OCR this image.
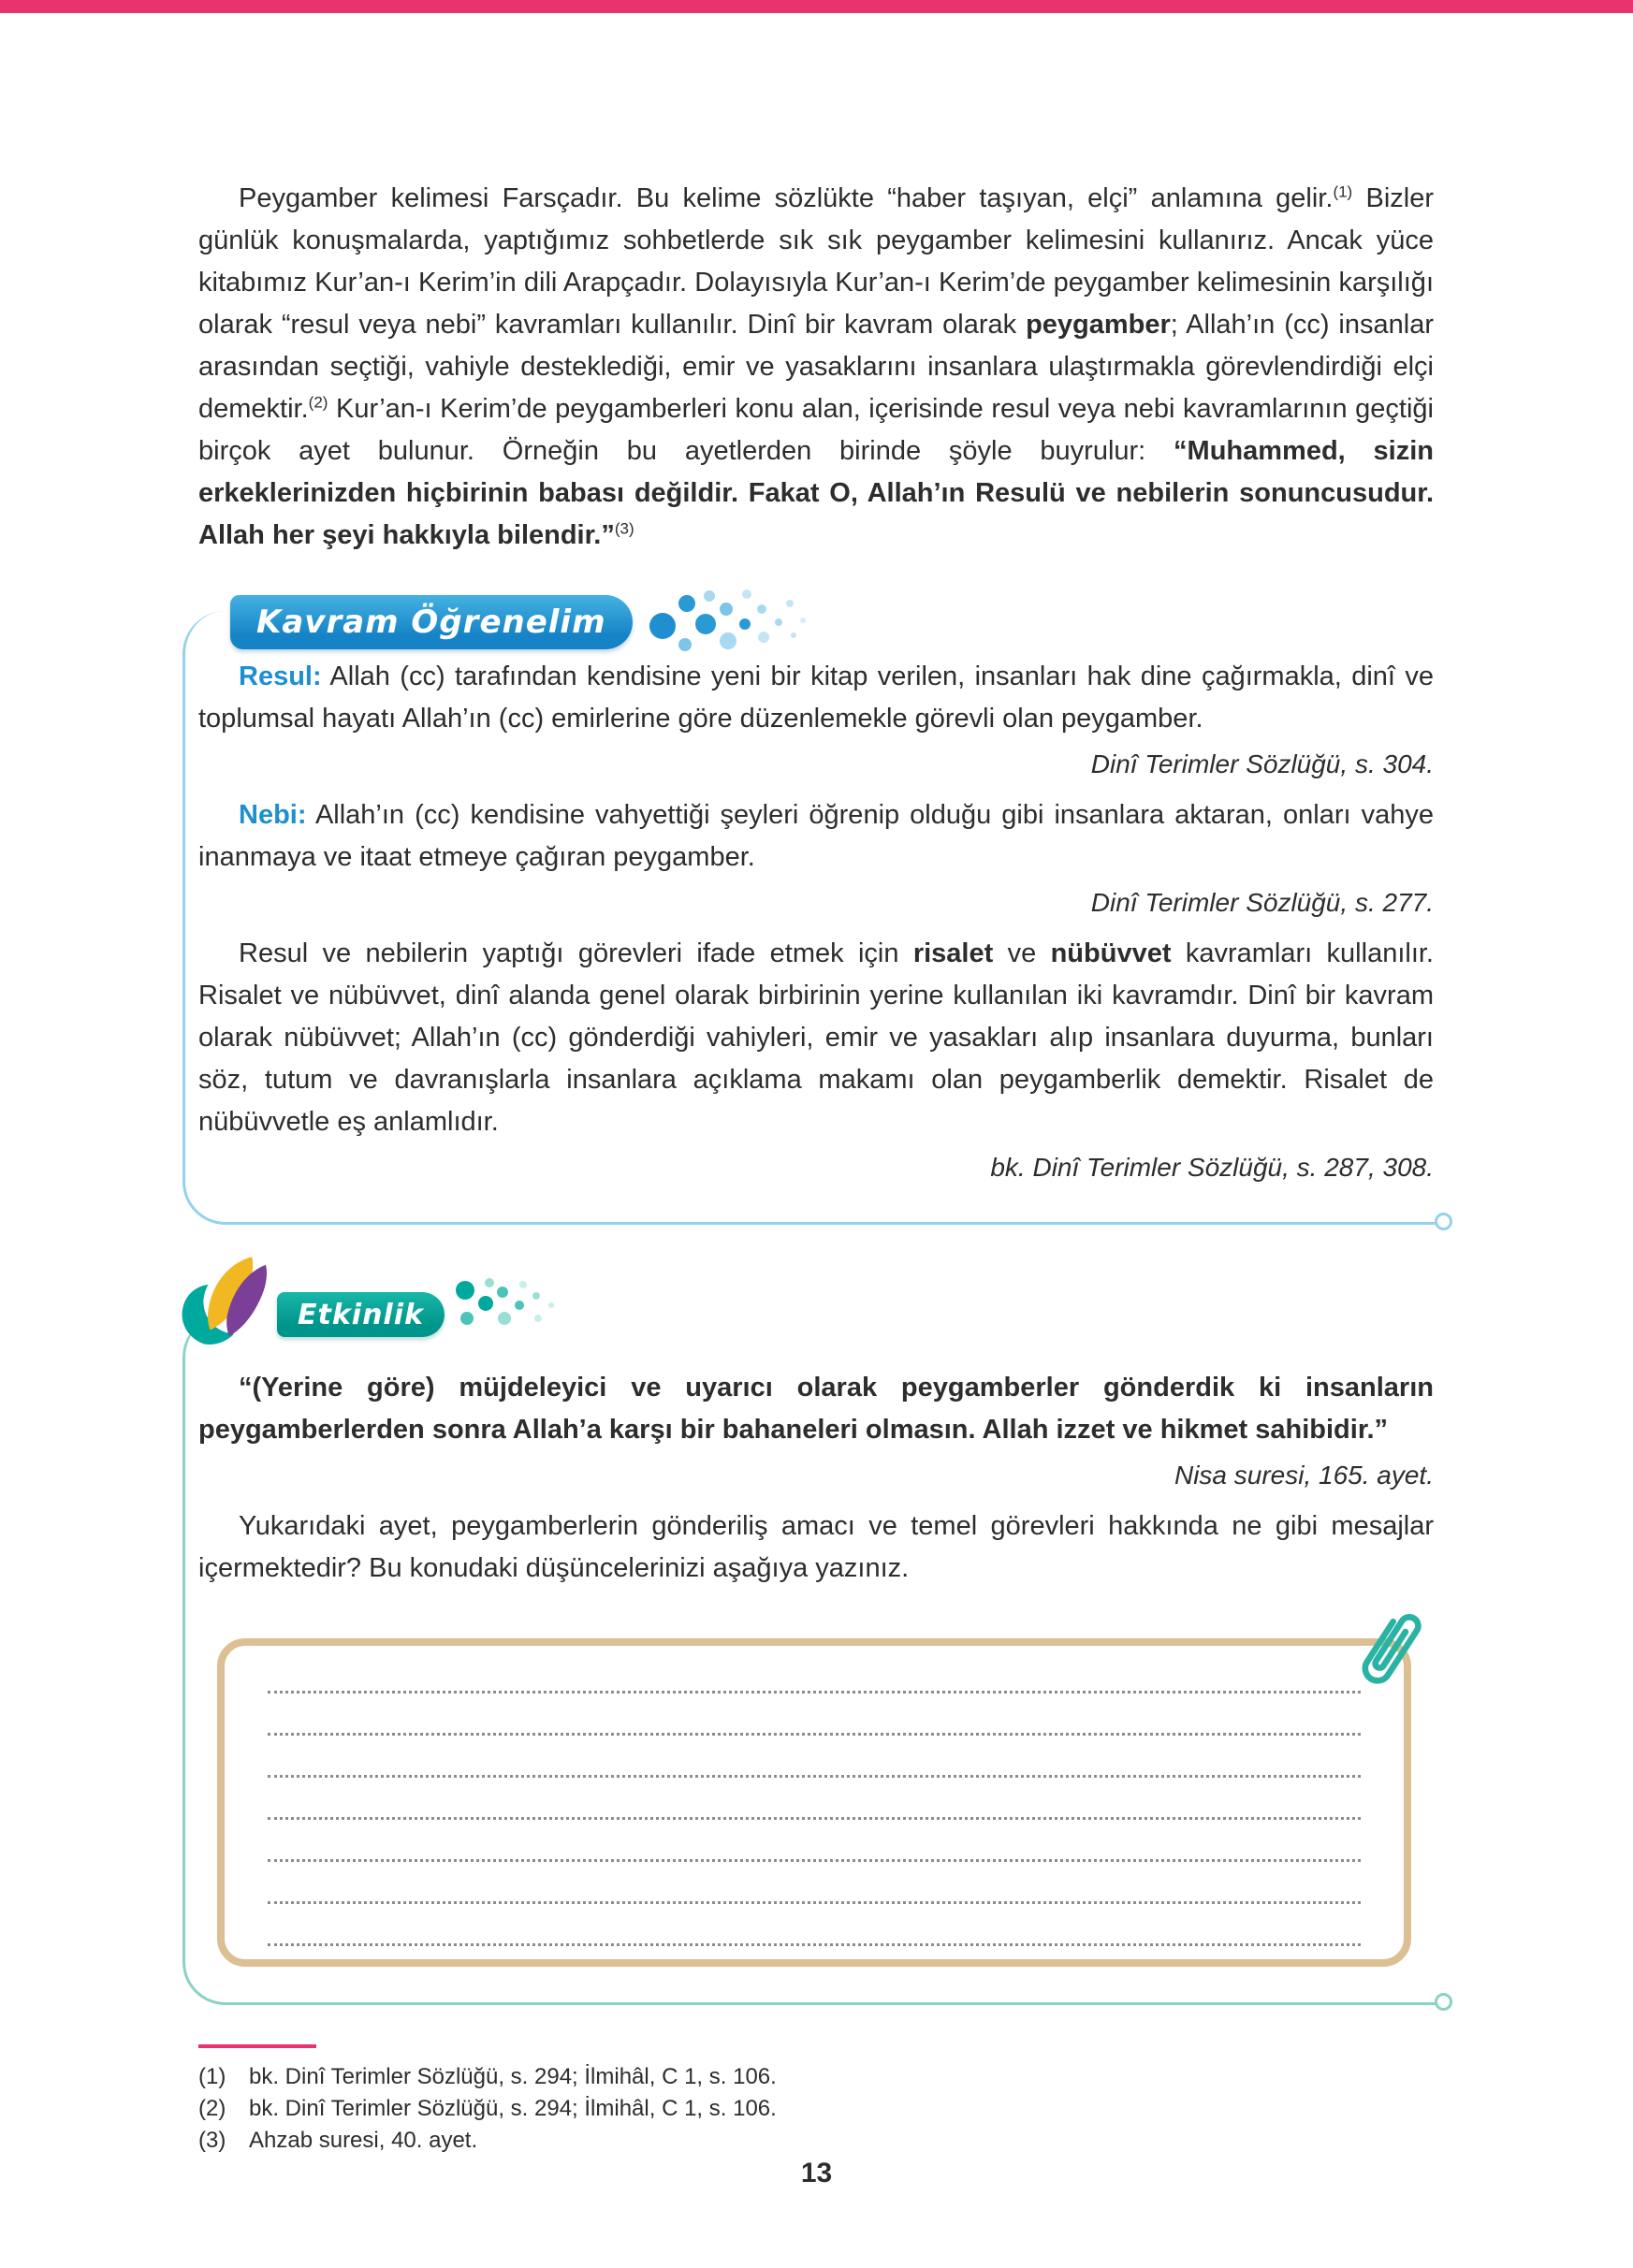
Peygamber kelimesi Farsçadır. Bu kelime sözlükte “haber taşıyan, elçi” anlamına gelir.$^{(1)}$ Bizler günlük konuşmalarda, yaptığımız sohbetlerde sık sık peygamber kelimesini kullanırız. Ancak yüce kitabımız Kur’an-ı Kerim’in dili Arapçadır. Dolayısıyla Kur’an-ı Kerim’de peygamber kelimesinin karşılığı olarak “resul veya nebi” kavramları kullanılır. Dinî bir kavram olarak peygamber; Allah’ın (cc) insanlar arasından seçtiği, vahiyle desteklediği, emir ve yasaklarını insanlara ulaştırmakla görevlendirdiği elçi demektir.$^{(2)}$ Kur’an-ı Kerim’de peygamberleri konu alan, içerisinde resul veya nebi kavramlarının geçtiği birçok ayet bulunur. Örneğin bu ayetlerden birinde şöyle buyrulur: “Muhammed, sizin erkeklerinizden hiçbirinin babası değildir. Fakat O, Allah’ın Resulü ve nebilerin sonuncusudur. Allah her şeyi hakkıyla bilendir.”$^{(3)}$

Kavram Öğrenelim

Resul: Allah (cc) tarafından kendisine yeni bir kitap verilen, insanları hak dine çağırmakla, dinî ve toplumsal hayatı Allah’ın (cc) emirlerine göre düzenlemekle görevli olan peygamber.

Dinî Terimler Sözlüğü, s. 304.

Nebi: Allah’ın (cc) kendisine vahyettiği şeyleri öğrenip olduğu gibi insanlara aktaran, onları vahye inanmaya ve itaat etmeye çağıran peygamber.

Dinî Terimler Sözlüğü, s. 277.

Resul ve nebilerin yaptığı görevleri ifade etmek için risalet ve nübüvvet kavramları kullanılır. Risalet ve nübüvvet, dinî alanda genel olarak birbirinin yerine kullanılan iki kavramdır. Dinî bir kavram olarak nübüvvet; Allah’ın (cc) gönderdiği vahiyleri, emir ve yasakları alıp insanlara duyurma, bunları söz, tutum ve davranışlarla insanlara açıklama makamı olan peygamberlik demektir. Risalet de nübüvvetle eş anlamlıdır.

bk. Dinî Terimler Sözlüğü, s. 287, 308.

Etkinlik

“(Yerine göre) müjdeleyici ve uyarıcı olarak peygamberler gönderdik ki insanların peygamberlerden sonra Allah’a karşı bir bahaneleri olmasın. Allah izzet ve hikmet sahibidir.”

Nisa suresi, 165. ayet.

Yukarıdaki ayet, peygamberlerin gönderiliş amacı ve temel görevleri hakkında ne gibi mesajlar içermektedir? Bu konudaki düşüncelerinizi aşağıya yazınız.

(1)	bk. Dinî Terimler Sözlüğü, s. 294; İlmihâl, C 1, s. 106.

(2)	bk. Dinî Terimler Sözlüğü, s. 294; İlmihâl, C 1, s. 106.

(3)	Ahzab suresi, 40. ayet.

13
